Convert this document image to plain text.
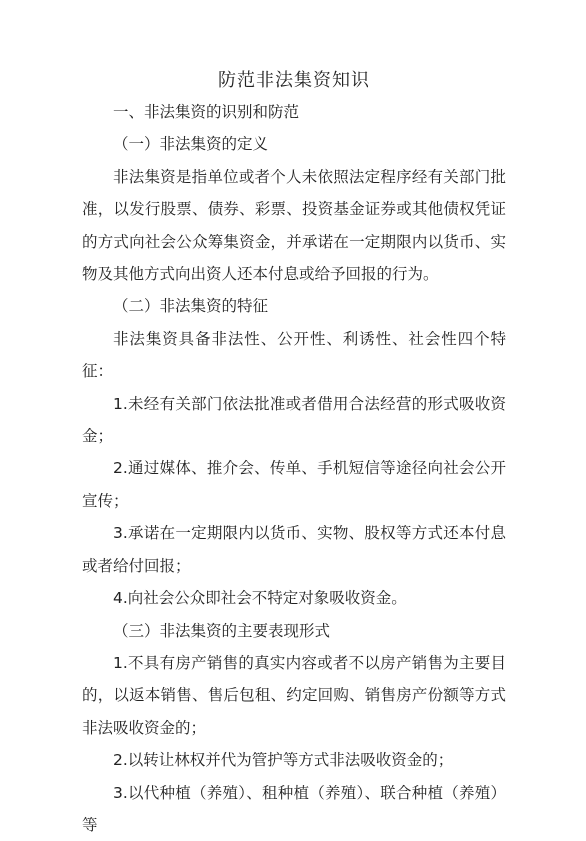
防范非法集资知识

一、非法集资的识别和防范

（一）非法集资的定义

非法集资是指单位或者个人未依照法定程序经有关部门批准，以发行股票、债券、彩票、投资基金证券或其他债权凭证的方式向社会公众筹集资金，并承诺在一定期限内以货币、实物及其他方式向出资人还本付息或给予回报的行为。

（二）非法集资的特征

非法集资具备非法性、公开性、利诱性、社会性四个特征：

1.未经有关部门依法批准或者借用合法经营的形式吸收资金；

2.通过媒体、推介会、传单、手机短信等途径向社会公开宣传；

3.承诺在一定期限内以货币、实物、股权等方式还本付息或者给付回报；

4.向社会公众即社会不特定对象吸收资金。

（三）非法集资的主要表现形式

1.不具有房产销售的真实内容或者不以房产销售为主要目的，以返本销售、售后包租、约定回购、销售房产份额等方式非法吸收资金的；

2.以转让林权并代为管护等方式非法吸收资金的；

3.以代种植（养殖）、租种植（养殖）、联合种植（养殖）等
